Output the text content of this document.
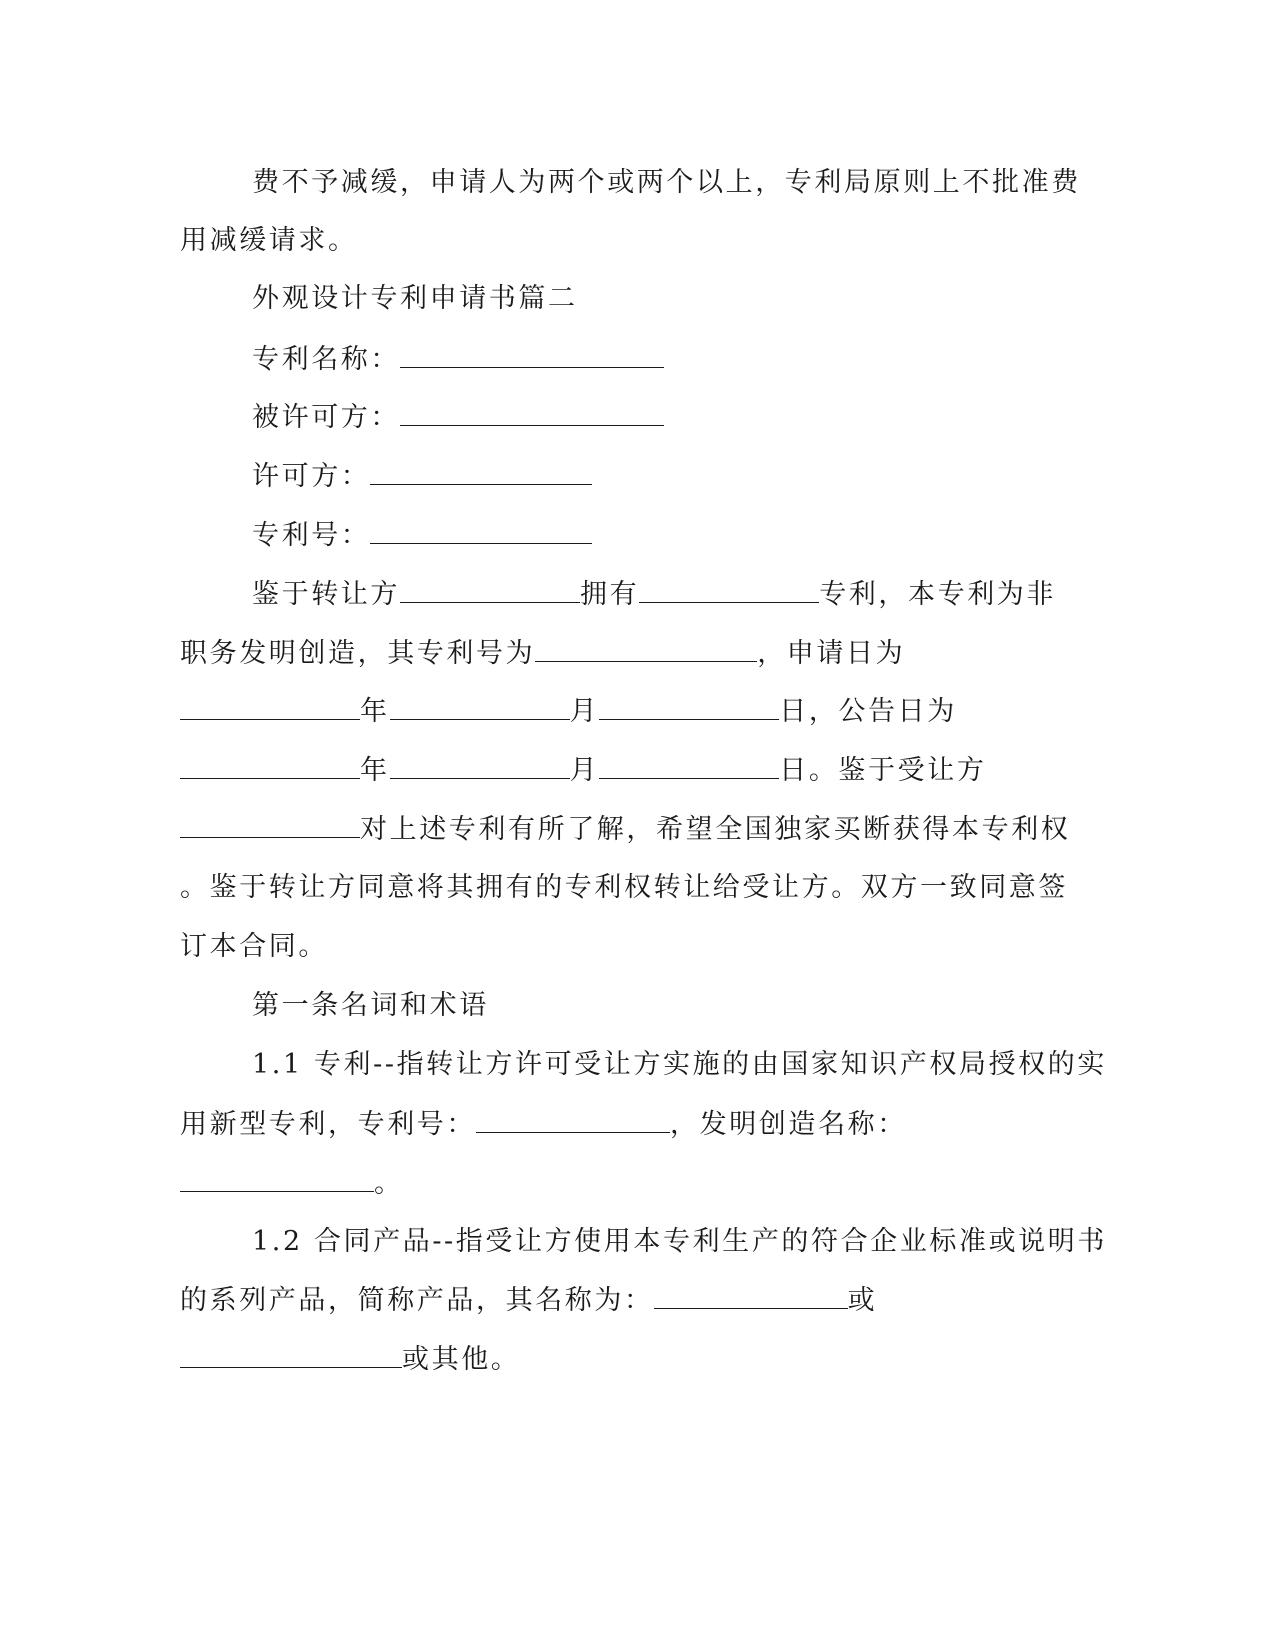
费不予减缓，申请人为两个或两个以上，专利局原则上不批准费
用减缓请求。
外观设计专利申请书篇二
专利名称：
被许可方：
许可方：
专利号：
鉴于转让方	拥有	专利，本专利为非
职务发明创造，其专利号为	，申请日为
年	月	日，公告日为
年	月	日。鉴于受让方
对上述专利有所了解，希望全国独家买断获得本专利权
。鉴于转让方同意将其拥有的专利权转让给受让方。双方一致同意签
订本合同。
第一条名词和术语
1.1 专利--指转让方许可受让方实施的由国家知识产权局授权的实
用新型专利，专利号：	，发明创造名称：
。
1.2 合同产品--指受让方使用本专利生产的符合企业标准或说明书
的系列产品，简称产品，其名称为：	或
或其他。
